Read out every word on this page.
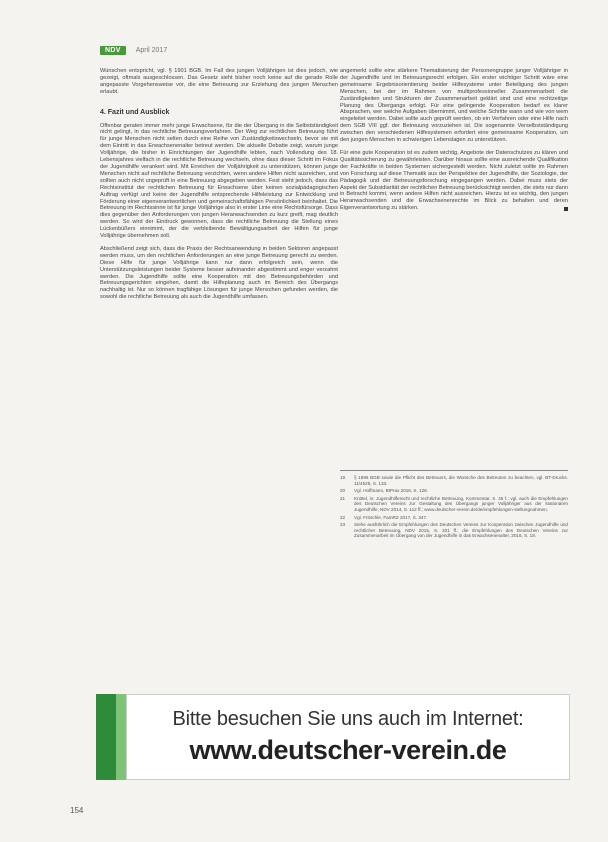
NDV	April 2017

Wünschen entspricht, vgl. § 1901 BGB. Im Fall des jungen Volljährigen ist dies jedoch, wie gezeigt, oftmals ausgeschlossen. Das Gesetz sieht bisher noch keine auf die gerade Rolle angepasste Vorgehensweise vor, die eine Betreuung zur Erziehung des jungen Menschen erlaubt.

4. Fazit und Ausblick

Offenbar geraten immer mehr junge Erwachsene, für die der Übergang in die Selbstständigkeit nicht gelingt, in das rechtliche Betreuungsverfahren. Der Weg zur rechtlichen Betreuung führt für junge Menschen nicht selten durch eine Reihe von Zuständigkeitswechseln, bevor sie mit dem Eintritt in das Erwachsenenalter betreut werden. Die aktuelle Debatte zeigt, warum junge Volljährige, die bisher in Einrichtungen der Jugendhilfe lebten, nach Vollendung des 18. Lebensjahres vielfach in die rechtliche Betreuung wechseln, ohne dass dieser Schritt im Fokus der Jugendhilfe verankert wird. Mit Erreichen der Volljährigkeit zu unterstützen, können junge Menschen nicht auf rechtliche Betreuung verzichten, wenn andere Hilfen nicht ausreichen, und sollten auch nicht ungeprüft in eine Betreuung abgegeben werden. Fest steht jedoch, dass das Rechtsinstitut der rechtlichen Betreuung für Erwachsene über keinen sozialpädagogischen Auftrag verfügt und keine der Jugendhilfe entsprechende Hilfeleistung zur Entwicklung und Förderung einer eigenverantwortlichen und gemeinschaftsfähigen Persönlichkeit beinhaltet. Die Betreuung im Rechtssinne ist für junge Volljährige also in erster Linie eine Rechtsfürsorge. Dass dies gegenüber den Anforderungen von jungen Heranwachsenden zu kurz greift, mag deutlich werden. So wird der Eindruck gewonnen, dass die rechtliche Betreuung die Stellung eines Lückenbüßers einnimmt, der die verbleibende Bewältigungsarbeit der Hilfen für junge Volljährige übernehmen soll.

Abschließend zeigt sich, dass die Praxis der Rechtsanwendung in beiden Sektoren angepasst werden muss, um den rechtlichen Anforderungen an eine junge Betreuung gerecht zu werden. Diese Hilfe für junge Volljährige kann nur dann erfolgreich sein, wenn die Unterstützungsleistungen beider Systeme besser aufeinander abgestimmt und enger verzahnt werden. Die Jugendhilfe sollte eine Kooperation mit den Betreuungsbehörden und Betreuungsgerichten eingehen, damit die Hilfeplanung auch im Bereich des Übergangs nachhaltig ist. Nur so können tragfähige Lösungen für junge Menschen gefunden werden, die sowohl die rechtliche Betreuung als auch die Jugendhilfe umfassen.

angemerkt sollte eine stärkere Thematisierung der Personengruppe junger Volljähriger in der Jugendhilfe und im Betreuungsrecht erfolgen. Ein erster wichtiger Schritt wäre eine gemeinsame Ergebnisorientierung beider Hilfesysteme unter Beteiligung des jungen Menschen, bei der im Rahmen von multiprofessioneller Zusammenarbeit die Zuständigkeiten und Strukturen der Zusammenarbeit geklärt sind und eine rechtzeitige Planung des Übergangs erfolgt. Für eine gelingende Kooperation bedarf es klarer Absprachen, wer welche Aufgaben übernimmt, und welche Schritte wann und wie von wem eingeleitet werden. Dabei sollte auch geprüft werden, ob ein Verfahren oder eine Hilfe nach dem SGB VIII ggf. der Betreuung vorzuziehen ist. Die sogenannte Verselbstständigung zwischen den verschiedenen Hilfesystemen erfordert eine gemeinsame Kooperation, um den jungen Menschen in schwierigen Lebenslagen zu unterstützen.

Für eine gute Kooperation ist es zudem wichtig, Angebote der Datenschutzes zu klären und Qualitätssicherung zu gewährleisten. Darüber hinaus sollte eine ausreichende Qualifikation der Fachkräfte in beiden Systemen sichergestellt werden. Nicht zuletzt sollte im Rahmen von Forschung auf diese Thematik aus der Perspektive der Jugendhilfe, der Soziologie, der Pädagogik und der Betreuungsforschung eingegangen werden. Dabei muss stets der Aspekt der Subsidiarität der rechtlichen Betreuung berücksichtigt werden, die stets nur dann in Betracht kommt, wenn andere Hilfen nicht ausreichen. Hierzu ist es wichtig, den jungen Heranwachsenden und die Erwachsenenrechte im Blick zu behalten und deren Eigenverantwortung zu stärken.

19	§ 1896 BGB sowie die Pflicht des Betreuers, die Wünsche des Betreuten zu beachten, vgl. BT-Drucks. 11/4528, S. 133.
20	Vgl. Hoffmann, BtPrax 2016, S. 128.
21	Knittel, in: Jugendhilferecht und rechtliche Betreuung, Kommentar, S. 45 f.; vgl. auch die Empfehlungen des Deutschen Vereins zur Gestaltung des Übergangs junger Volljähriger aus der stationären Jugendhilfe, NDV 2014, S. 112 ff.; www.deutscher-verein.de/de/empfehlungen-stellungnahmen.
22	Vgl. Fröschle, FamRZ 2017, S. 347.
23	Siehe ausführlich die Empfehlungen des Deutschen Vereins zur Kooperation zwischen Jugendhilfe und rechtlicher Betreuung, NDV 2015, S. 201 ff.; die Empfehlungen des Deutschen Vereins zur Zusammenarbeit im Übergang von der Jugendhilfe in das Erwachsenenalter, 2016, S. 18.
Bitte besuchen Sie uns auch im Internet:
www.deutscher-verein.de
154
